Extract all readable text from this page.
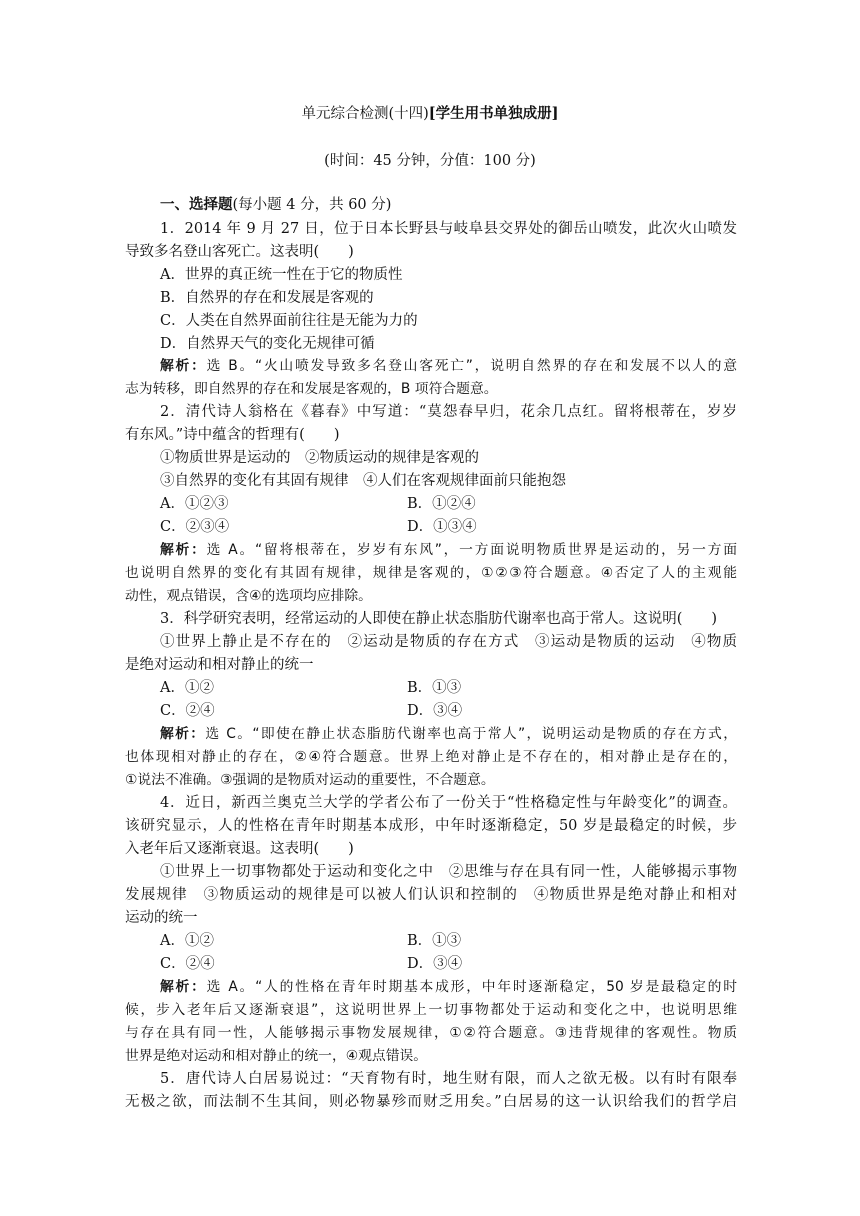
单元综合检测(十四)[学生用书单独成册]
(时间：45 分钟，分值：100 分)
一、选择题(每小题 4 分，共 60 分)
1．2014 年 9 月 27 日，位于日本长野县与岐阜县交界处的御岳山喷发，此次火山喷发
导致多名登山客死亡。这表明(　　)
A．世界的真正统一性在于它的物质性
B．自然界的存在和发展是客观的
C．人类在自然界面前往往是无能为力的
D．自然界天气的变化无规律可循
解析：选 B。“火山喷发导致多名登山客死亡”，说明自然界的存在和发展不以人的意
志为转移，即自然界的存在和发展是客观的，B 项符合题意。
2．清代诗人翁格在《暮春》中写道：“莫怨春早归，花余几点红。留将根蒂在，岁岁
有东风。”诗中蕴含的哲理有(　　)
①物质世界是运动的　②物质运动的规律是客观的
③自然界的变化有其固有规律　④人们在客观规律面前只能抱怨
A．①②③	B．①②④
C．②③④	D．①③④
解析：选 A。“留将根蒂在，岁岁有东风”，一方面说明物质世界是运动的，另一方面
也说明自然界的变化有其固有规律，规律是客观的，①②③符合题意。④否定了人的主观能
动性，观点错误，含④的选项均应排除。
3．科学研究表明，经常运动的人即使在静止状态脂肪代谢率也高于常人。这说明(　　)
①世界上静止是不存在的　②运动是物质的存在方式　③运动是物质的运动　④物质
是绝对运动和相对静止的统一
A．①②	B．①③
C．②④	D．③④
解析：选 C。“即使在静止状态脂肪代谢率也高于常人”，说明运动是物质的存在方式，
也体现相对静止的存在，②④符合题意。世界上绝对静止是不存在的，相对静止是存在的，
①说法不准确。③强调的是物质对运动的重要性，不合题意。
4．近日，新西兰奥克兰大学的学者公布了一份关于“性格稳定性与年龄变化”的调查。
该研究显示，人的性格在青年时期基本成形，中年时逐渐稳定，50 岁是最稳定的时候，步
入老年后又逐渐衰退。这表明(　　)
①世界上一切事物都处于运动和变化之中　②思维与存在具有同一性，人能够揭示事物
发展规律　③物质运动的规律是可以被人们认识和控制的　④物质世界是绝对静止和相对
运动的统一
A．①②	B．①③
C．②④	D．③④
解析：选 A。“人的性格在青年时期基本成形，中年时逐渐稳定，50 岁是最稳定的时
候，步入老年后又逐渐衰退”，这说明世界上一切事物都处于运动和变化之中，也说明思维
与存在具有同一性，人能够揭示事物发展规律，①②符合题意。③违背规律的客观性。物质
世界是绝对运动和相对静止的统一，④观点错误。
5．唐代诗人白居易说过：“天育物有时，地生财有限，而人之欲无极。以有时有限奉
无极之欲，而法制不生其间，则必物暴殄而财乏用矣。”白居易的这一认识给我们的哲学启
